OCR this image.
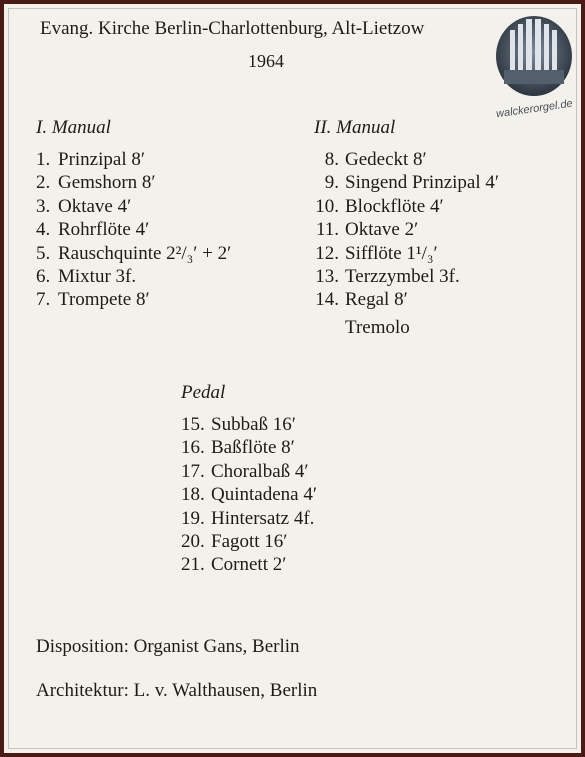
Evang. Kirche Berlin-Charlottenburg, Alt-Lietzow
1964
walckerorgel.de
I. Manual
1. Prinzipal 8′
2. Gemshorn 8′
3. Oktave 4′
4. Rohrflöte 4′
5. Rauschquinte 2²/₃′ + 2′
6. Mixtur 3f.
7. Trompete 8′
II. Manual
8. Gedeckt 8′
9. Singend Prinzipal 4′
10. Blockflöte 4′
11. Oktave 2′
12. Sifflöte 1¹/₃′
13. Terzzymbel 3f.
14. Regal 8′
Tremolo
Pedal
15. Subbaß 16′
16. Baßflöte 8′
17. Choralbaß 4′
18. Quintadena 4′
19. Hintersatz 4f.
20. Fagott 16′
21. Cornett 2′
Disposition: Organist Gans, Berlin
Architektur: L. v. Walthausen, Berlin
